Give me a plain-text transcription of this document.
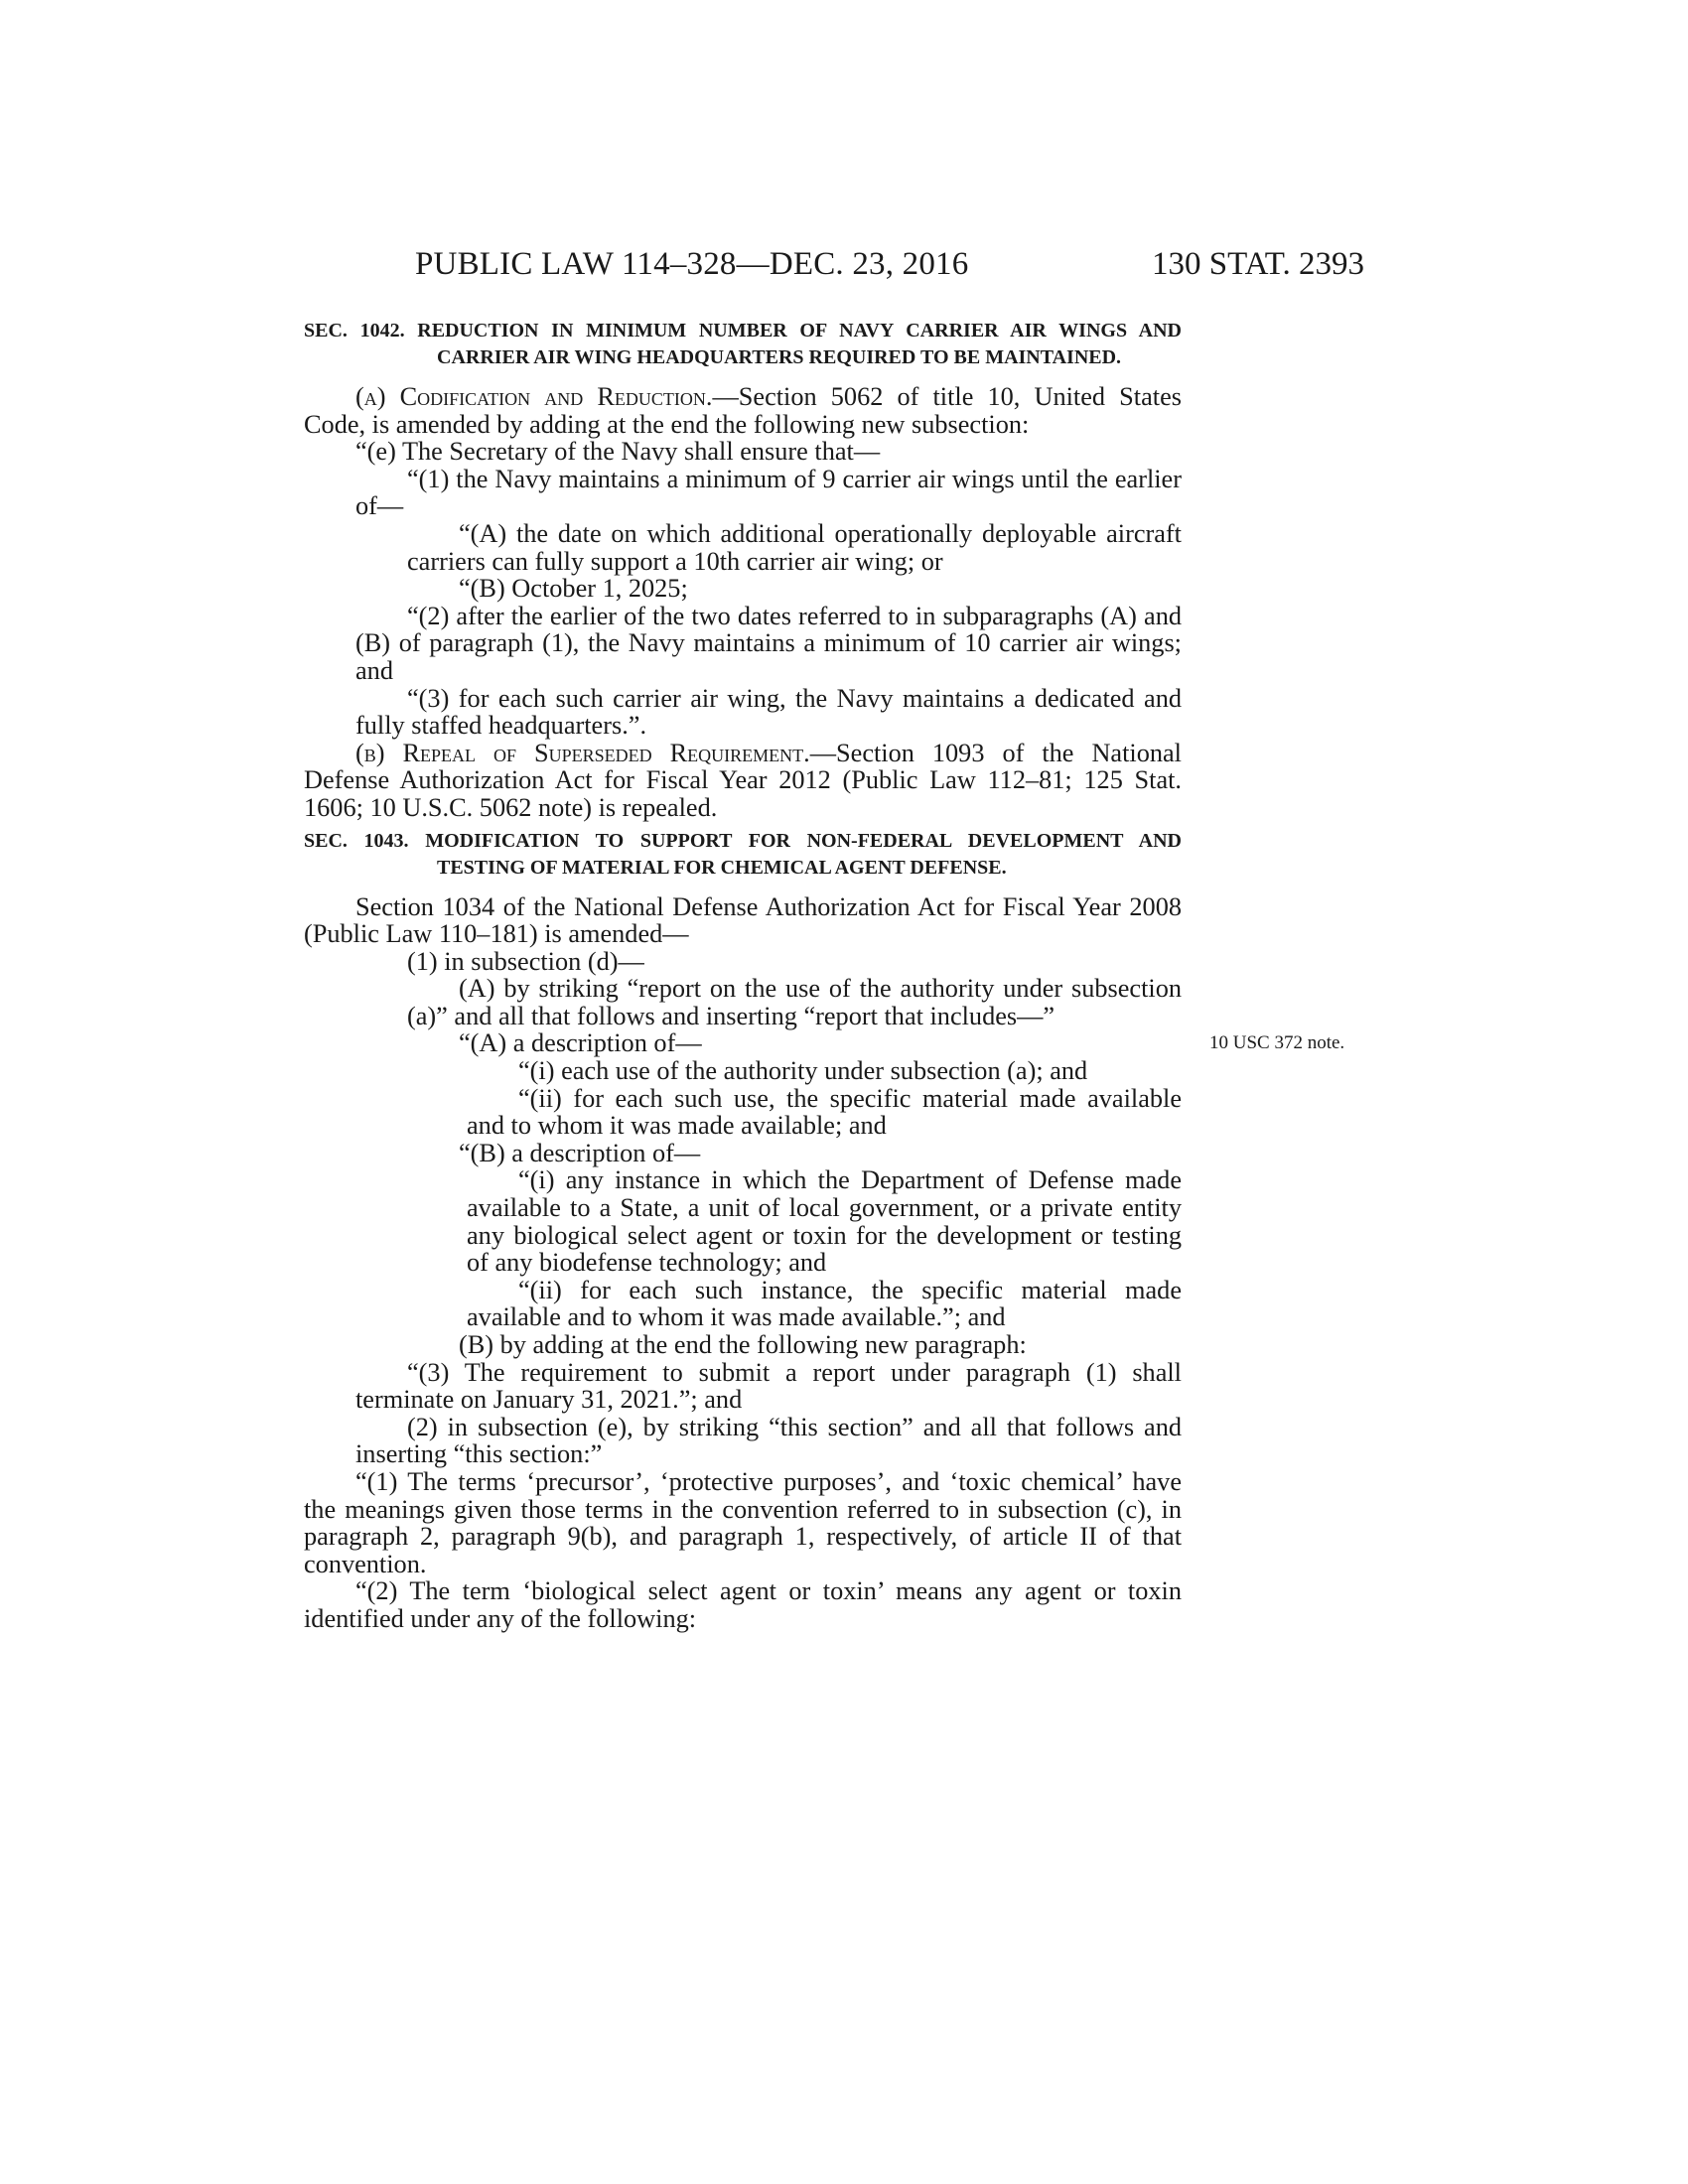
PUBLIC LAW 114–328—DEC. 23, 2016	130 STAT. 2393
10 USC 372 note.

SEC. 1042. REDUCTION IN MINIMUM NUMBER OF NAVY CARRIER AIR WINGS AND CARRIER AIR WING HEADQUARTERS REQUIRED TO BE MAINTAINED.

(a) Codification and Reduction.—Section 5062 of title 10, United States Code, is amended by adding at the end the following new subsection:

“(e) The Secretary of the Navy shall ensure that—

“(1) the Navy maintains a minimum of 9 carrier air wings until the earlier of—

“(A) the date on which additional operationally deployable aircraft carriers can fully support a 10th carrier air wing; or

“(B) October 1, 2025;

“(2) after the earlier of the two dates referred to in subparagraphs (A) and (B) of paragraph (1), the Navy maintains a minimum of 10 carrier air wings; and

“(3) for each such carrier air wing, the Navy maintains a dedicated and fully staffed headquarters.”.

(b) Repeal of Superseded Requirement.—Section 1093 of the National Defense Authorization Act for Fiscal Year 2012 (Public Law 112–81; 125 Stat. 1606; 10 U.S.C. 5062 note) is repealed.

SEC. 1043. MODIFICATION TO SUPPORT FOR NON-FEDERAL DEVELOPMENT AND TESTING OF MATERIAL FOR CHEMICAL AGENT DEFENSE.

Section 1034 of the National Defense Authorization Act for Fiscal Year 2008 (Public Law 110–181) is amended—

(1) in subsection (d)—

(A) by striking “report on the use of the authority under subsection (a)” and all that follows and inserting “report that includes—”

“(A) a description of—

“(i) each use of the authority under subsection (a); and

“(ii) for each such use, the specific material made available and to whom it was made available; and

“(B) a description of—

“(i) any instance in which the Department of Defense made available to a State, a unit of local government, or a private entity any biological select agent or toxin for the development or testing of any biodefense technology; and

“(ii) for each such instance, the specific material made available and to whom it was made available.”; and

(B) by adding at the end the following new paragraph:

“(3) The requirement to submit a report under paragraph (1) shall terminate on January 31, 2021.”; and

(2) in subsection (e), by striking “this section” and all that follows and inserting “this section:”

“(1) The terms ‘precursor’, ‘protective purposes’, and ‘toxic chemical’ have the meanings given those terms in the convention referred to in subsection (c), in paragraph 2, paragraph 9(b), and paragraph 1, respectively, of article II of that convention.

“(2) The term ‘biological select agent or toxin’ means any agent or toxin identified under any of the following:
